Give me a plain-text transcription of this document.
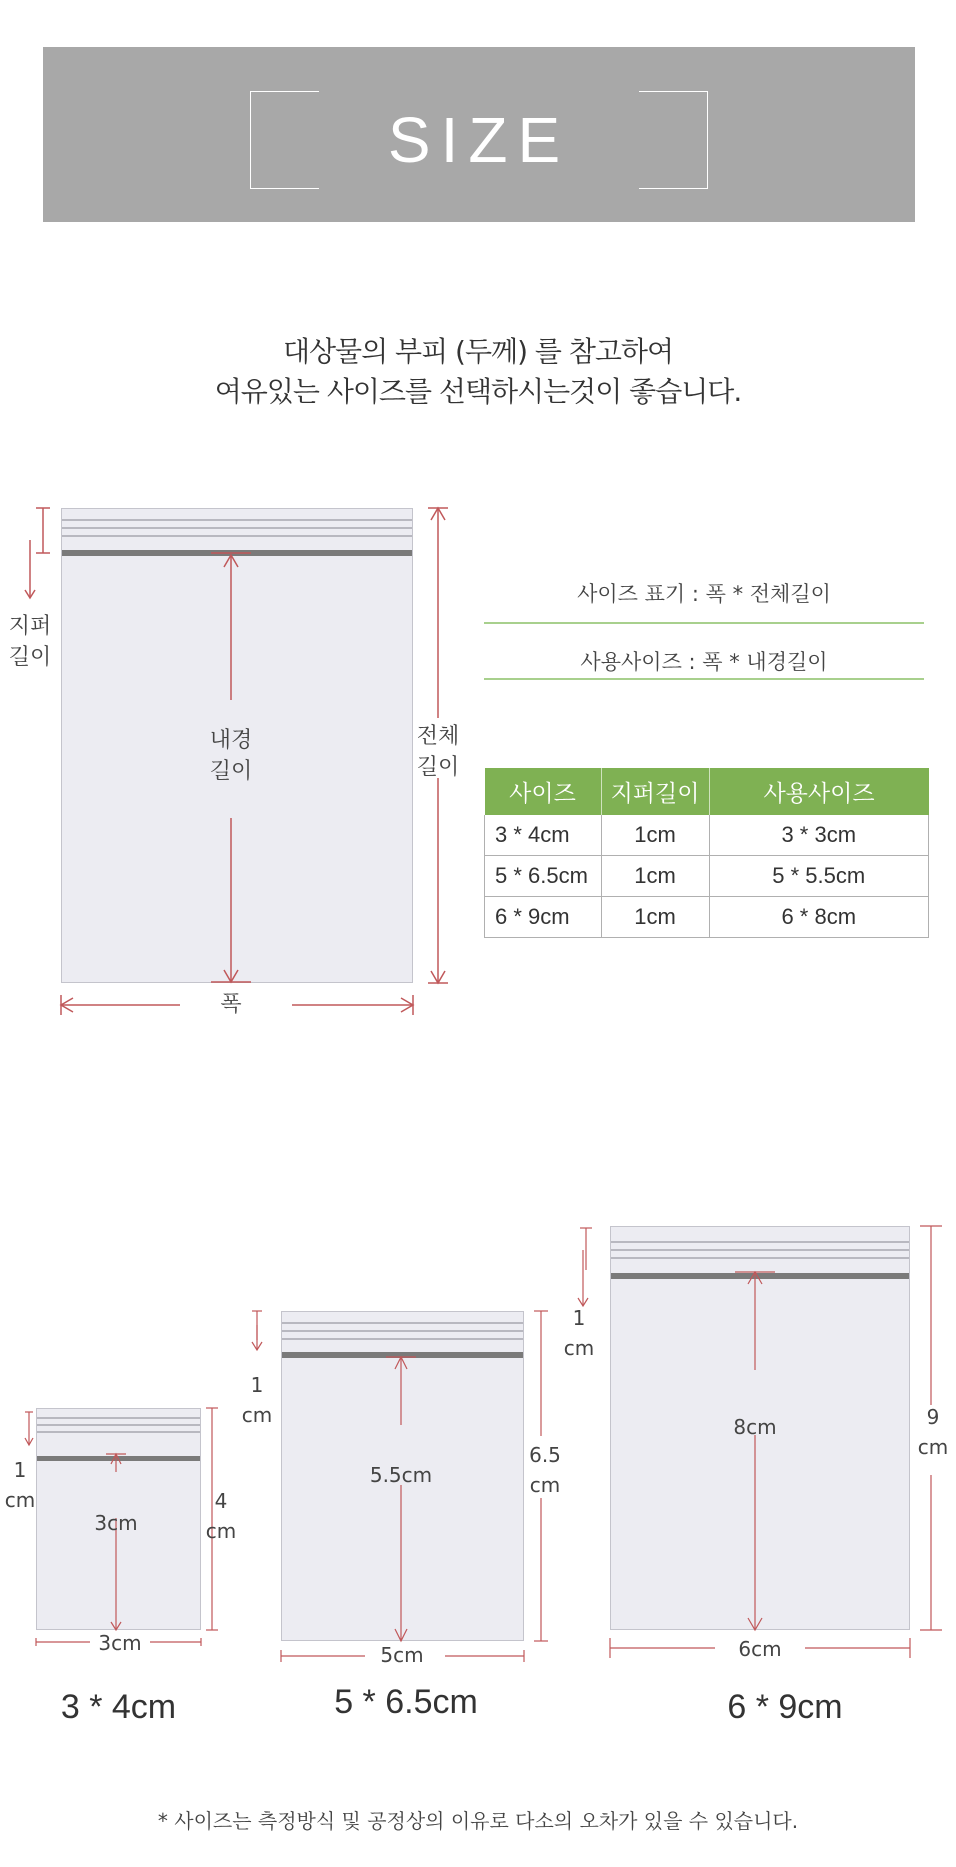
SIZE
대상물의 부피 (두께) 를 참고하여
여유있는 사이즈를 선택하시는것이 좋습니다.
지퍼
길이
내경
길이
전체
길이
폭
사이즈 표기 : 폭 * 전체길이
사용사이즈 : 폭 * 내경길이
사이즈	지퍼길이	사용사이즈
3 * 4cm	1cm	3 * 3cm
5 * 6.5cm	1cm	5 * 5.5cm
6 * 9cm	1cm	6 * 8cm
1
cm
3cm
4
cm
3cm
3 * 4cm
1
cm
5.5cm
6.5
cm
5cm
5 * 6.5cm
1
cm
8cm	9
cm
6cm
6 * 9cm
* 사이즈는 측정방식 및 공정상의 이유로 다소의 오차가 있을 수 있습니다.
